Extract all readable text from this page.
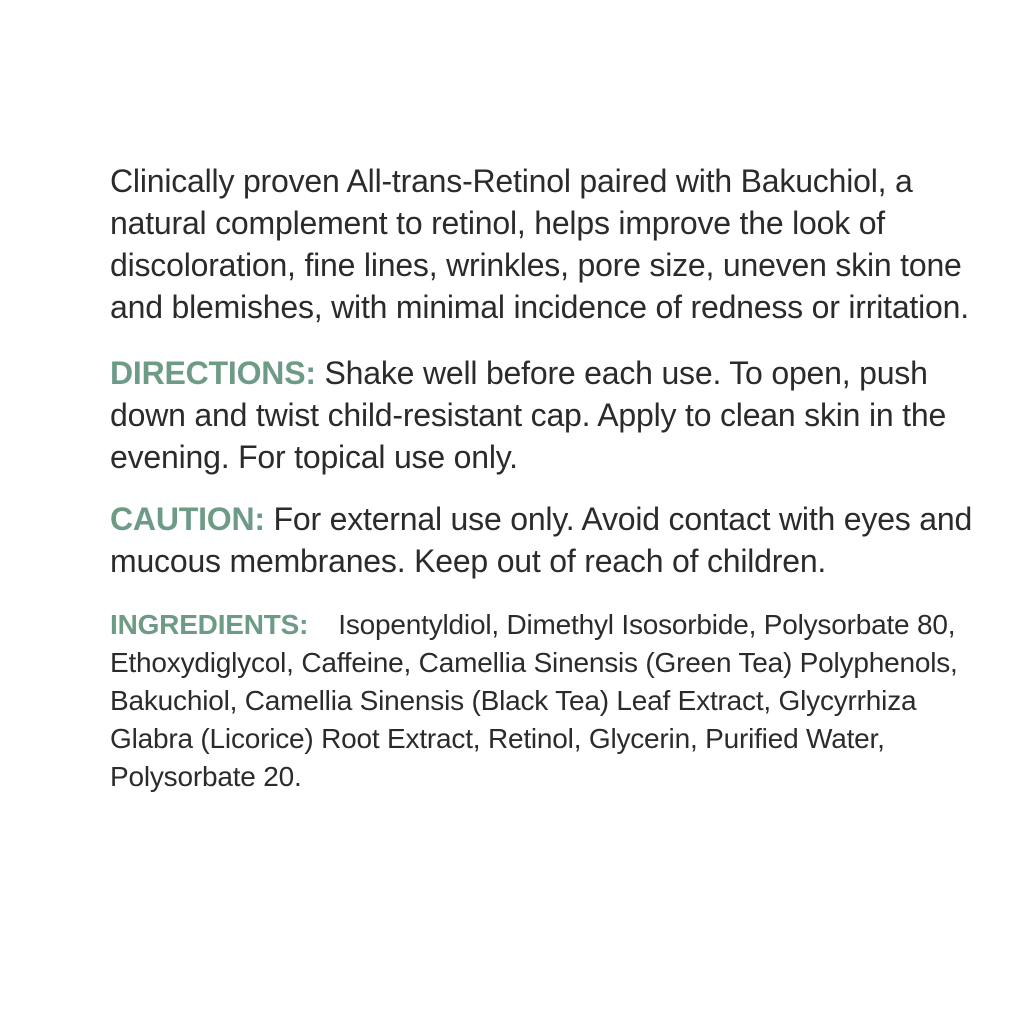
Clinically proven All-trans-Retinol paired with Bakuchiol, a natural complement to retinol, helps improve the look of discoloration, fine lines, wrinkles, pore size, uneven skin tone and blemishes, with minimal incidence of redness or irritation.

DIRECTIONS: Shake well before each use. To open, push down and twist child-resistant cap. Apply to clean skin in the evening. For topical use only.

CAUTION: For external use only. Avoid contact with eyes and mucous membranes. Keep out of reach of children.

INGREDIENTS: Isopentyldiol, Dimethyl Isosorbide, Polysorbate 80, Ethoxydiglycol, Caffeine, Camellia Sinensis (Green Tea) Polyphenols, Bakuchiol, Camellia Sinensis (Black Tea) Leaf Extract, Glycyrrhiza Glabra (Licorice) Root Extract, Retinol, Glycerin, Purified Water, Polysorbate 20.
